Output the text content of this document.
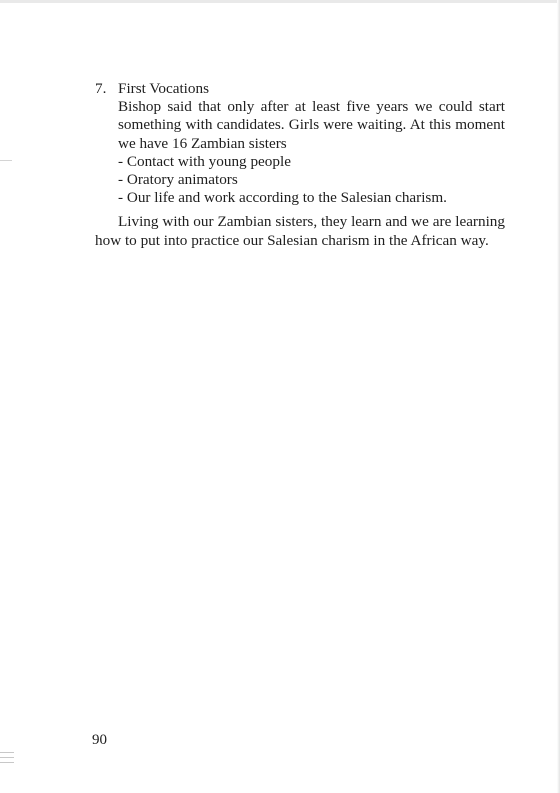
7. First Vocations

Bishop said that only after at least five years we could start something with candidates. Girls were waiting. At this moment we have 16 Zambian sisters

- Contact with young people
- Oratory animators
- Our life and work according to the Salesian charism.

Living with our Zambian sisters, they learn and we are learning how to put into practice our Salesian charism in the African way.

90
